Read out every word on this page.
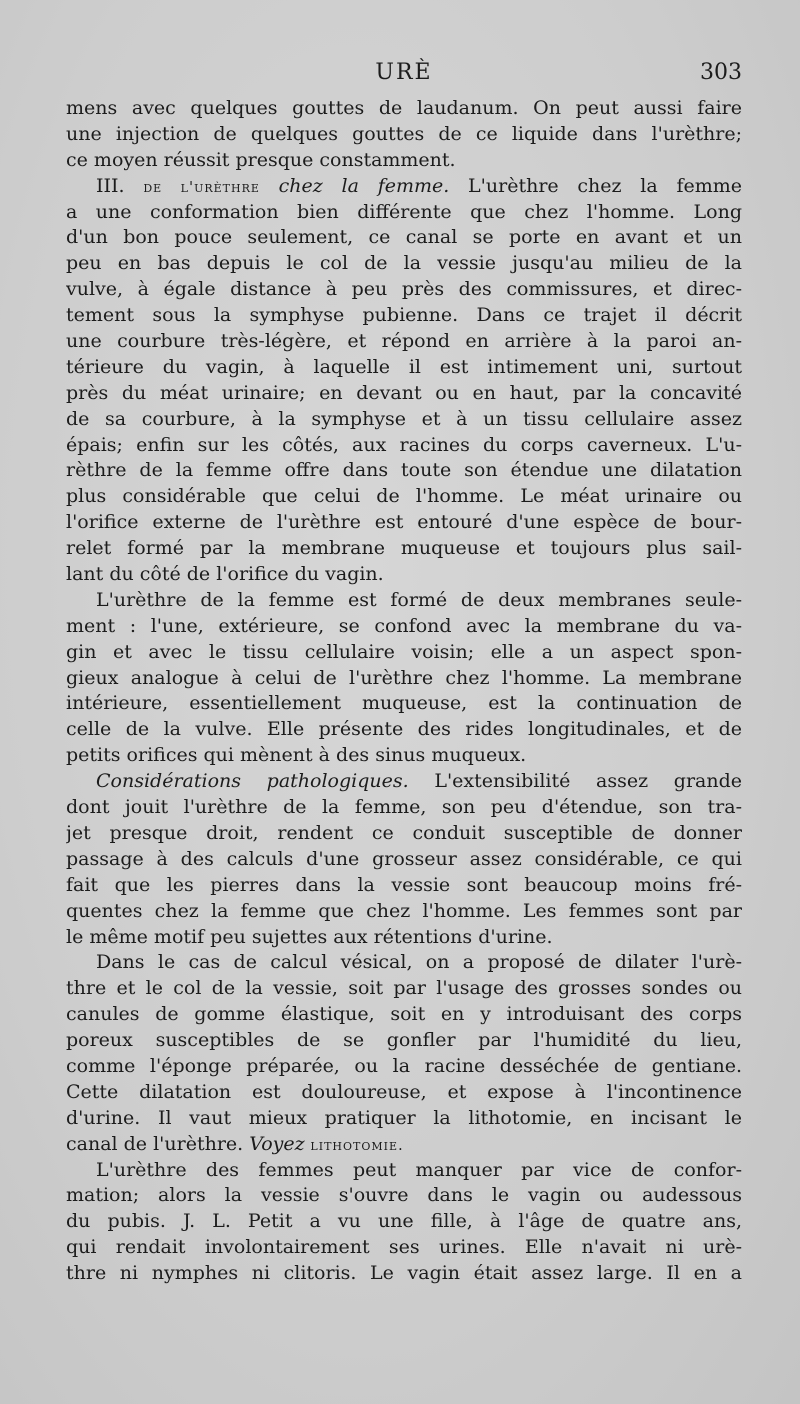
URÈ	303
mens avec quelques gouttes de laudanum. On peut aussi faire
une injection de quelques gouttes de ce liquide dans l'urèthre;
ce moyen réussit presque constamment.
III. de l'urèthre chez la femme. L'urèthre chez la femme
a une conformation bien différente que chez l'homme. Long
d'un bon pouce seulement, ce canal se porte en avant et un
peu en bas depuis le col de la vessie jusqu'au milieu de la
vulve, à égale distance à peu près des commissures, et direc-
tement sous la symphyse pubienne. Dans ce trajet il décrit
une courbure très-légère, et répond en arrière à la paroi an-
térieure du vagin, à laquelle il est intimement uni, surtout
près du méat urinaire; en devant ou en haut, par la concavité
de sa courbure, à la symphyse et à un tissu cellulaire assez
épais; enfin sur les côtés, aux racines du corps caverneux. L'u-
rèthre de la femme offre dans toute son étendue une dilatation
plus considérable que celui de l'homme. Le méat urinaire ou
l'orifice externe de l'urèthre est entouré d'une espèce de bour-
relet formé par la membrane muqueuse et toujours plus sail-
lant du côté de l'orifice du vagin.
L'urèthre de la femme est formé de deux membranes seule-
ment : l'une, extérieure, se confond avec la membrane du va-
gin et avec le tissu cellulaire voisin; elle a un aspect spon-
gieux analogue à celui de l'urèthre chez l'homme. La membrane
intérieure, essentiellement muqueuse, est la continuation de
celle de la vulve. Elle présente des rides longitudinales, et de
petits orifices qui mènent à des sinus muqueux.
Considérations pathologiques. L'extensibilité assez grande
dont jouit l'urèthre de la femme, son peu d'étendue, son tra-
jet presque droit, rendent ce conduit susceptible de donner
passage à des calculs d'une grosseur assez considérable, ce qui
fait que les pierres dans la vessie sont beaucoup moins fré-
quentes chez la femme que chez l'homme. Les femmes sont par
le même motif peu sujettes aux rétentions d'urine.
Dans le cas de calcul vésical, on a proposé de dilater l'urè-
thre et le col de la vessie, soit par l'usage des grosses sondes ou
canules de gomme élastique, soit en y introduisant des corps
poreux susceptibles de se gonfler par l'humidité du lieu,
comme l'éponge préparée, ou la racine desséchée de gentiane.
Cette dilatation est douloureuse, et expose à l'incontinence
d'urine. Il vaut mieux pratiquer la lithotomie, en incisant le
canal de l'urèthre. Voyez lithotomie.
L'urèthre des femmes peut manquer par vice de confor-
mation; alors la vessie s'ouvre dans le vagin ou audessous
du pubis. J. L. Petit a vu une fille, à l'âge de quatre ans,
qui rendait involontairement ses urines. Elle n'avait ni urè-
thre ni nymphes ni clitoris. Le vagin était assez large. Il en a
